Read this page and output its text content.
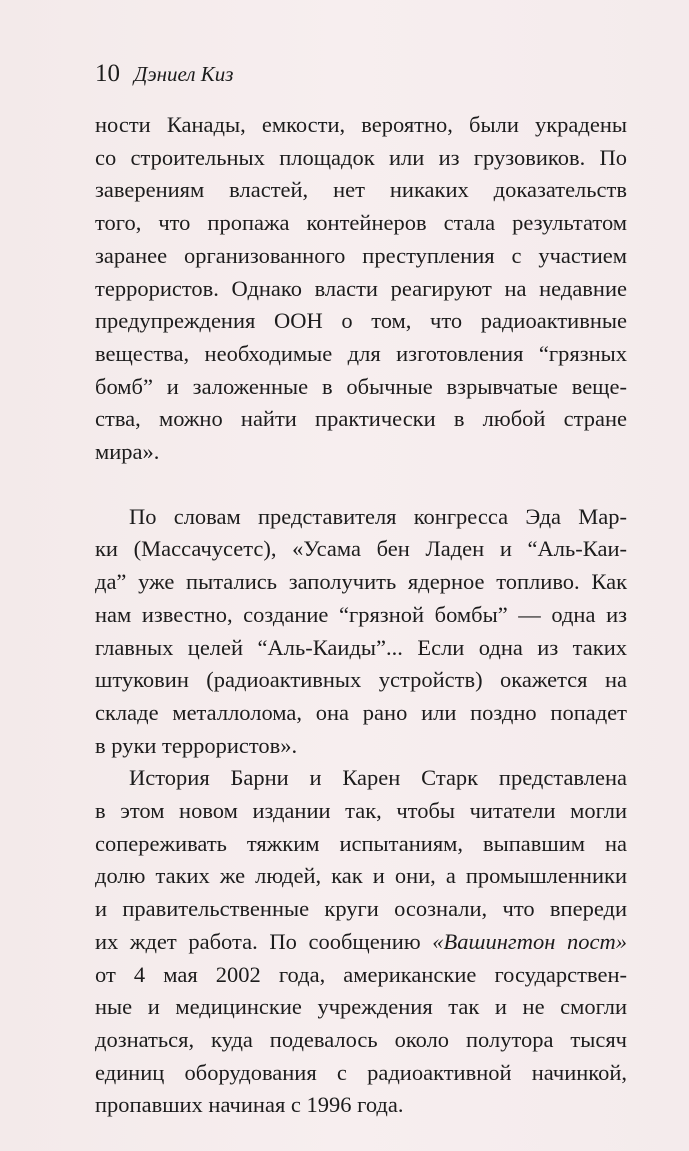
10 Дэниел Киз

ности Канады, емкости, вероятно, были украдены
со строительных площадок или из грузовиков. По
заверениям властей, нет никаких доказательств
того, что пропажа контейнеров стала результатом
заранее организованного преступления с участием
террористов. Однако власти реагируют на недавние
предупреждения ООН о том, что радиоактивные
вещества, необходимые для изготовления “грязных
бомб” и заложенные в обычные взрывчатые веще-
ства, можно найти практически в любой стране
мира».

По словам представителя конгресса Эда Мар-
ки (Массачусетс), «Усама бен Ладен и “Аль-Каи-
да” уже пытались заполучить ядерное топливо. Как
нам известно, создание “грязной бомбы” — одна из
главных целей “Аль-Каиды”... Если одна из таких
штуковин (радиоактивных устройств) окажется на
складе металлолома, она рано или поздно попадет
в руки террористов».

История Барни и Карен Старк представлена
в этом новом издании так, чтобы читатели могли
сопереживать тяжким испытаниям, выпавшим на
долю таких же людей, как и они, а промышленники
и правительственные круги осознали, что впереди
их ждет работа. По сообщению «Вашингтон пост»
от 4 мая 2002 года, американские государствен-
ные и медицинские учреждения так и не смогли
дознаться, куда подевалось около полутора тысяч
единиц оборудования с радиоактивной начинкой,
пропавших начиная с 1996 года.
